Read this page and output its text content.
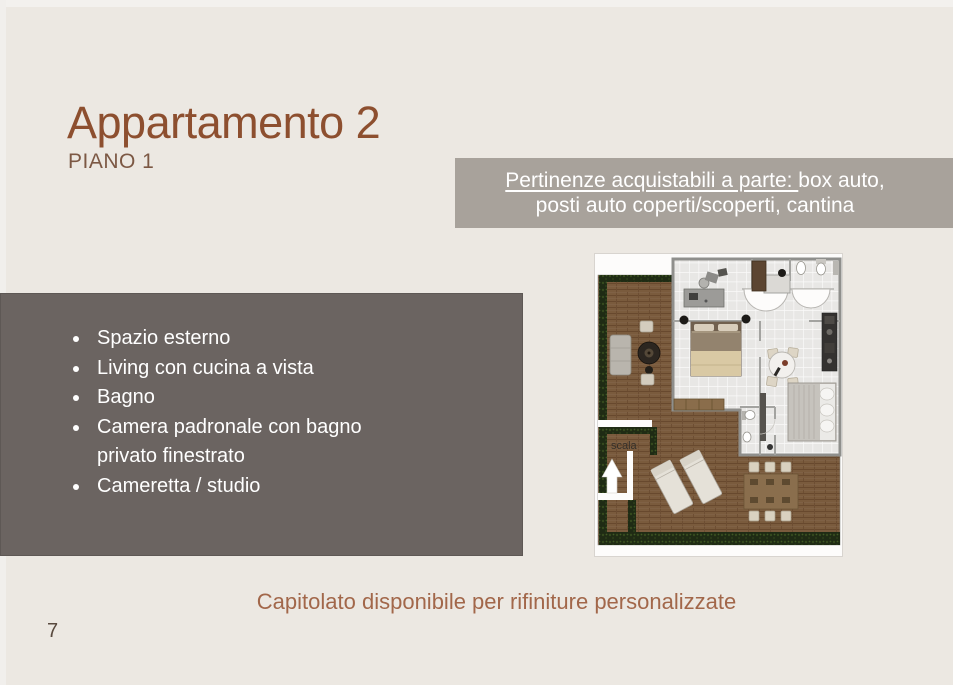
Appartamento 2
PIANO 1
Pertinenze acquistabili a parte: box auto,
posti auto coperti/scoperti, cantina
• Spazio esterno
• Living con cucina a vista
• Bagno
• Camera padronale con bagno privato finestrato
• Cameretta / studio
scala
Capitolato disponibile per rifiniture personalizzate
7
